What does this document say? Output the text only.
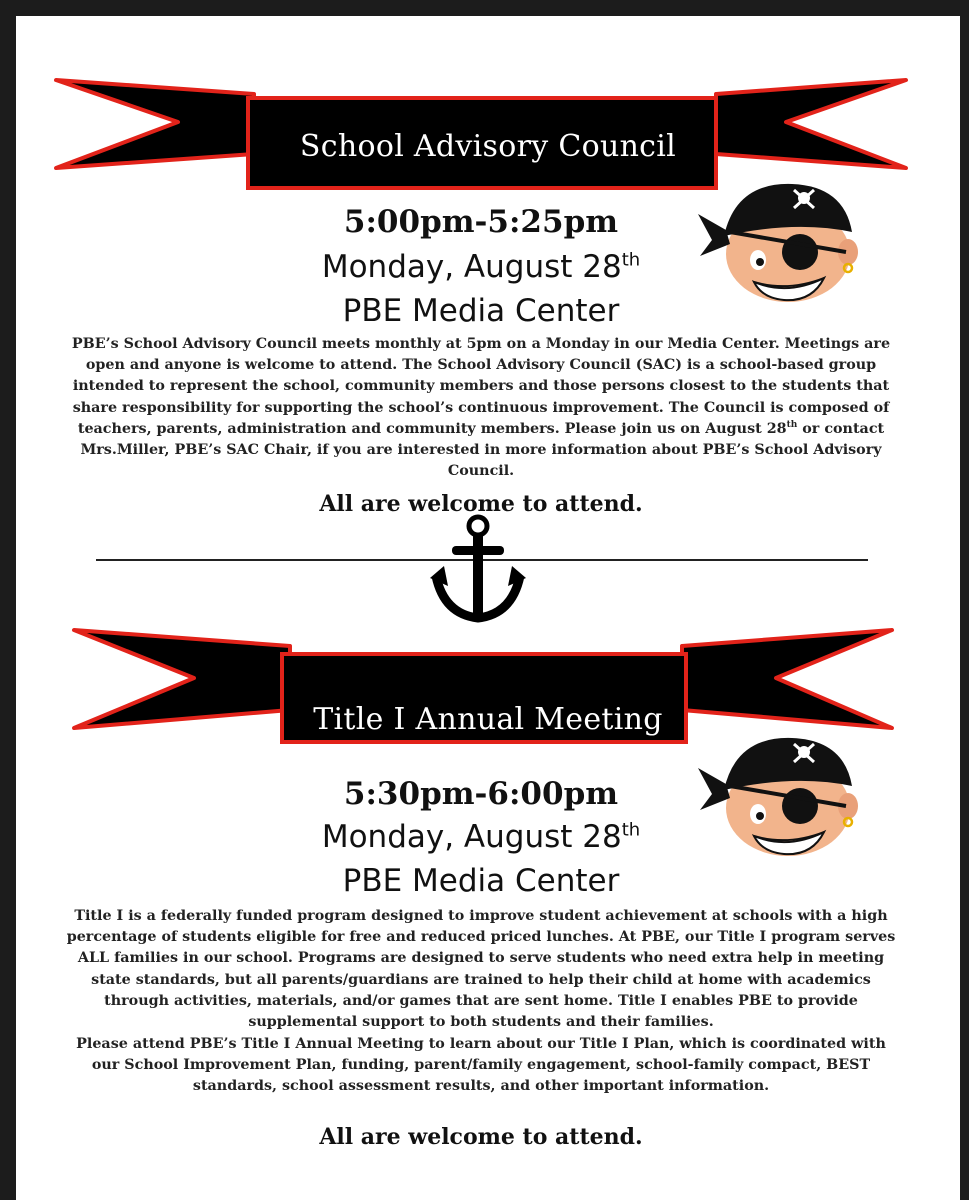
School Advisory Council
5:00pm-5:25pm
Monday, August 28th
PBE Media Center
PBE’s School Advisory Council meets monthly at 5pm on a Monday in our Media Center. Meetings are open and anyone is welcome to attend. The School Advisory Council (SAC) is a school-based group intended to represent the school, community members and those persons closest to the students that share responsibility for supporting the school’s continuous improvement. The Council is composed of teachers, parents, administration and community members. Please join us on August 28th or contact Mrs.Miller, PBE’s SAC Chair, if you are interested in more information about PBE’s School Advisory Council.
All are welcome to attend.
Title I Annual Meeting
5:30pm-6:00pm
Monday, August 28th
PBE Media Center
Title I is a federally funded program designed to improve student achievement at schools with a high percentage of students eligible for free and reduced priced lunches. At PBE, our Title I program serves ALL families in our school. Programs are designed to serve students who need extra help in meeting state standards, but all parents/guardians are trained to help their child at home with academics through activities, materials, and/or games that are sent home. Title I enables PBE to provide supplemental support to both students and their families.
Please attend PBE’s Title I Annual Meeting to learn about our Title I Plan, which is coordinated with our School Improvement Plan, funding, parent/family engagement, school-family compact, BEST standards, school assessment results, and other important information.
All are welcome to attend.
